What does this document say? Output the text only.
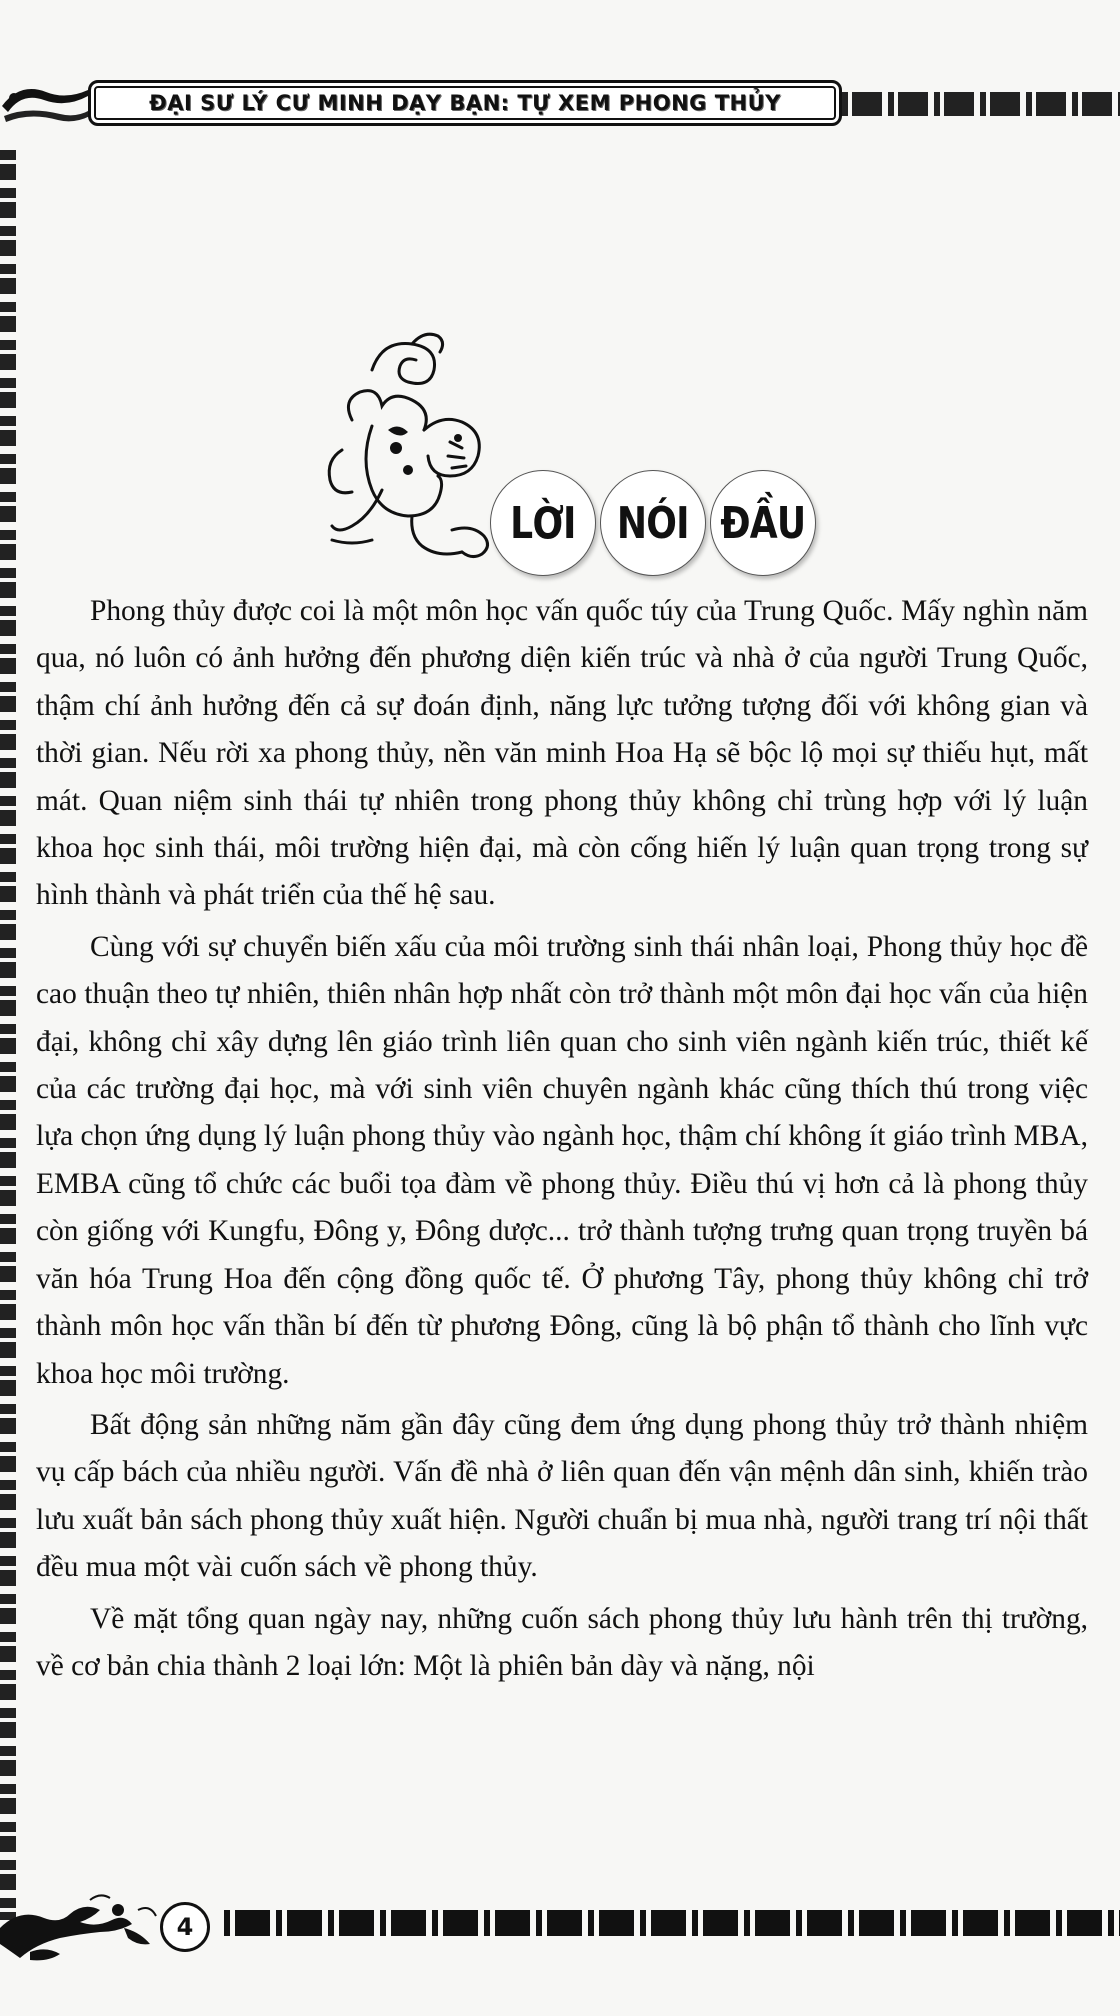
ĐẠI SƯ LÝ CƯ MINH DẠY BẠN: TỰ XEM PHONG THỦY
LỜI NÓI ĐẦU

Phong thủy được coi là một môn học vấn quốc túy của Trung Quốc. Mấy nghìn năm qua, nó luôn có ảnh hưởng đến phương diện kiến trúc và nhà ở của người Trung Quốc, thậm chí ảnh hưởng đến cả sự đoán định, năng lực tưởng tượng đối với không gian và thời gian. Nếu rời xa phong thủy, nền văn minh Hoa Hạ sẽ bộc lộ mọi sự thiếu hụt, mất mát. Quan niệm sinh thái tự nhiên trong phong thủy không chỉ trùng hợp với lý luận khoa học sinh thái, môi trường hiện đại, mà còn cống hiến lý luận quan trọng trong sự hình thành và phát triển của thế hệ sau.

Cùng với sự chuyển biến xấu của môi trường sinh thái nhân loại, Phong thủy học đề cao thuận theo tự nhiên, thiên nhân hợp nhất còn trở thành một môn đại học vấn của hiện đại, không chỉ xây dựng lên giáo trình liên quan cho sinh viên ngành kiến trúc, thiết kế của các trường đại học, mà với sinh viên chuyên ngành khác cũng thích thú trong việc lựa chọn ứng dụng lý luận phong thủy vào ngành học, thậm chí không ít giáo trình MBA, EMBA cũng tổ chức các buổi tọa đàm về phong thủy. Điều thú vị hơn cả là phong thủy còn giống với Kungfu, Đông y, Đông dược... trở thành tượng trưng quan trọng truyền bá văn hóa Trung Hoa đến cộng đồng quốc tế. Ở phương Tây, phong thủy không chỉ trở thành môn học vấn thần bí đến từ phương Đông, cũng là bộ phận tổ thành cho lĩnh vực khoa học môi trường.

Bất động sản những năm gần đây cũng đem ứng dụng phong thủy trở thành nhiệm vụ cấp bách của nhiều người. Vấn đề nhà ở liên quan đến vận mệnh dân sinh, khiến trào lưu xuất bản sách phong thủy xuất hiện. Người chuẩn bị mua nhà, người trang trí nội thất đều mua một vài cuốn sách về phong thủy.

Về mặt tổng quan ngày nay, những cuốn sách phong thủy lưu hành trên thị trường, về cơ bản chia thành 2 loại lớn: Một là phiên bản dày và nặng, nội

4
